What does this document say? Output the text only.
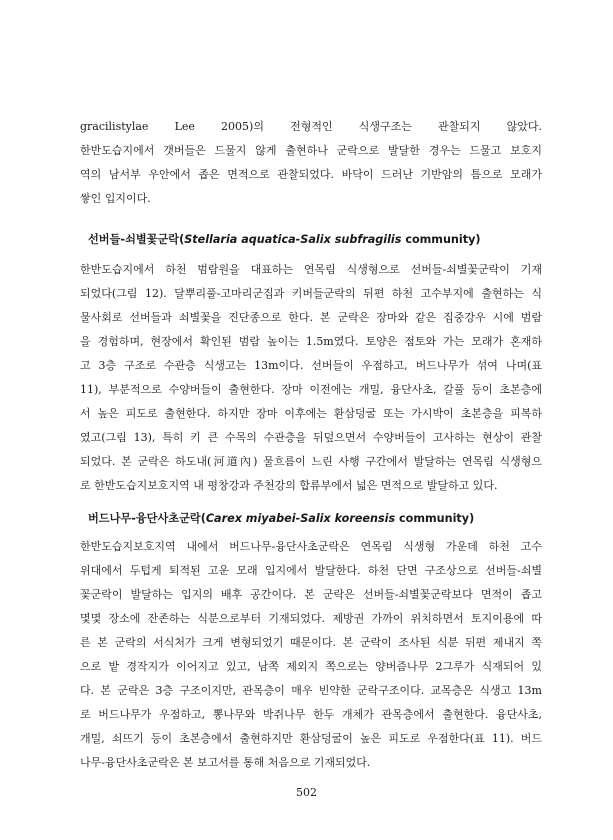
gracilistylae Lee 2005)의 전형적인 식생구조는 관찰되지 않았다.
한반도습지에서 갯버들은 드물지 않게 출현하나 군락으로 발달한 경우는 드물고 보호지
역의 남서부 우안에서 좁은 면적으로 관찰되었다. 바닥이 드러난 기반암의 틈으로 모래가
쌓인 입지이다.
선버들-쇠별꽃군락(Stellaria aquatica-Salix subfragilis community)
한반도습지에서 하천 범람원을 대표하는 연목림 식생형으로 선버들-쇠별꽃군락이 기재
되었다(그림 12). 달뿌리풀-고마리군집과 키버들군락의 뒤편 하천 고수부지에 출현하는 식
물사회로 선버들과 쇠별꽃을 진단종으로 한다. 본 군락은 장마와 같은 집중강우 시에 범람
을 경험하며, 현장에서 확인된 범람 높이는 1.5m였다. 토양은 점토와 가는 모래가 혼재하
고 3층 구조로 수관층 식생고는 13m이다. 선버들이 우점하고, 버드나무가 섞여 나며(표
11), 부분적으로 수양버들이 출현한다. 장마 이전에는 개밀, 융단사초, 갈풀 등이 초본층에
서 높은 피도로 출현한다. 하지만 장마 이후에는 환삼덩굴 또는 가시박이 초본층을 피복하
였고(그림 13), 특히 키 큰 수목의 수관층을 뒤덮으면서 수양버들이 고사하는 현상이 관찰
되었다. 본 군락은 하도내(河道內) 물흐름이 느린 사행 구간에서 발달하는 연목림 식생형으
로 한반도습지보호지역 내 평창강과 주천강의 합류부에서 넓은 면적으로 발달하고 있다.
버드나무-융단사초군락(Carex miyabei-Salix koreensis community)
한반도습지보호지역 내에서 버드나무-융단사초군락은 연목림 식생형 가운데 하천 고수
위대에서 두텁게 퇴적된 고운 모래 입지에서 발달한다. 하천 단면 구조상으로 선버들-쇠별
꽃군락이 발달하는 입지의 배후 공간이다. 본 군락은 선버들-쇠별꽃군락보다 면적이 좁고
몇몇 장소에 잔존하는 식분으로부터 기재되었다. 제방권 가까이 위치하면서 토지이용에 따
른 본 군락의 서식처가 크게 변형되었기 때문이다. 본 군락이 조사된 식분 뒤편 제내지 쪽
으로 밭 경작지가 이어지고 있고, 남쪽 제외지 쪽으로는 양버즘나무 2그루가 식재되어 있
다. 본 군락은 3층 구조이지만, 관목층이 매우 빈약한 군락구조이다. 교목층은 식생고 13m
로 버드나무가 우점하고, 뽕나무와 박쥐나무 한두 개체가 관목층에서 출현한다. 융단사초,
개밀, 쇠뜨기 등이 초본층에서 출현하지만 환삼덩굴이 높은 피도로 우점한다(표 11). 버드
나무-융단사초군락은 본 보고서를 통해 처음으로 기재되었다.
502
